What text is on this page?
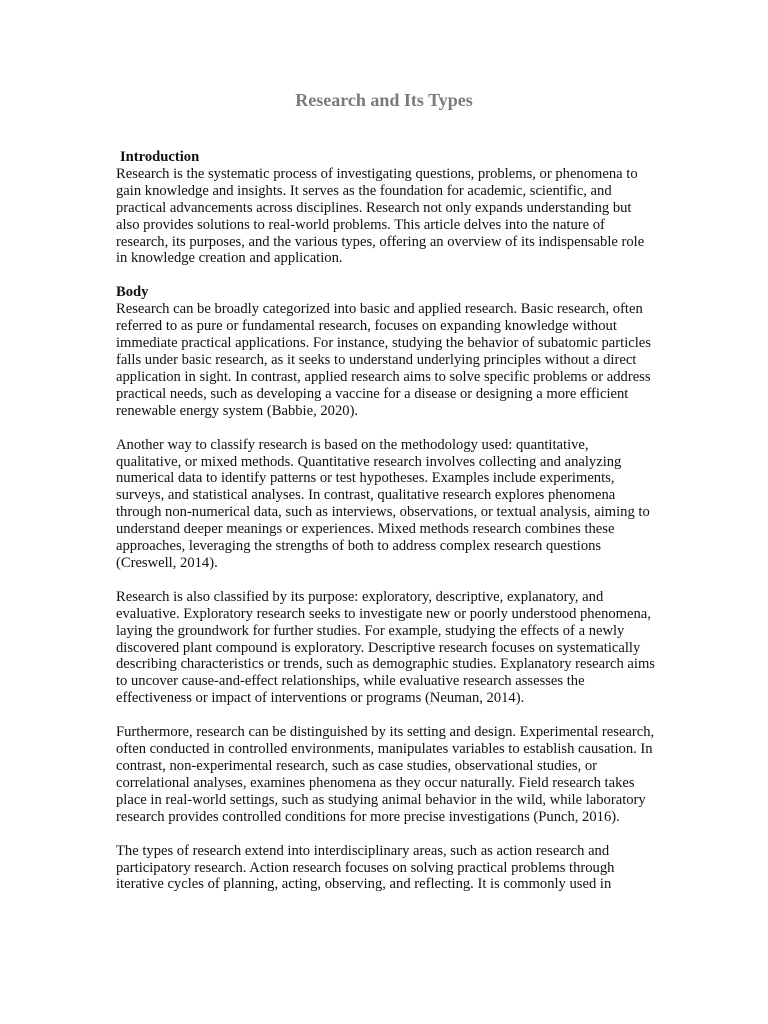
Research and Its Types

Introduction

Research is the systematic process of investigating questions, problems, or phenomena to gain knowledge and insights. It serves as the foundation for academic, scientific, and practical advancements across disciplines. Research not only expands understanding but also provides solutions to real-world problems. This article delves into the nature of research, its purposes, and the various types, offering an overview of its indispensable role in knowledge creation and application.

Body

Research can be broadly categorized into basic and applied research. Basic research, often referred to as pure or fundamental research, focuses on expanding knowledge without immediate practical applications. For instance, studying the behavior of subatomic particles falls under basic research, as it seeks to understand underlying principles without a direct application in sight. In contrast, applied research aims to solve specific problems or address practical needs, such as developing a vaccine for a disease or designing a more efficient renewable energy system (Babbie, 2020).

Another way to classify research is based on the methodology used: quantitative, qualitative, or mixed methods. Quantitative research involves collecting and analyzing numerical data to identify patterns or test hypotheses. Examples include experiments, surveys, and statistical analyses. In contrast, qualitative research explores phenomena through non-numerical data, such as interviews, observations, or textual analysis, aiming to understand deeper meanings or experiences. Mixed methods research combines these approaches, leveraging the strengths of both to address complex research questions (Creswell, 2014).

Research is also classified by its purpose: exploratory, descriptive, explanatory, and evaluative. Exploratory research seeks to investigate new or poorly understood phenomena, laying the groundwork for further studies. For example, studying the effects of a newly discovered plant compound is exploratory. Descriptive research focuses on systematically describing characteristics or trends, such as demographic studies. Explanatory research aims to uncover cause-and-effect relationships, while evaluative research assesses the effectiveness or impact of interventions or programs (Neuman, 2014).

Furthermore, research can be distinguished by its setting and design. Experimental research, often conducted in controlled environments, manipulates variables to establish causation. In contrast, non-experimental research, such as case studies, observational studies, or correlational analyses, examines phenomena as they occur naturally. Field research takes place in real-world settings, such as studying animal behavior in the wild, while laboratory research provides controlled conditions for more precise investigations (Punch, 2016).

The types of research extend into interdisciplinary areas, such as action research and participatory research. Action research focuses on solving practical problems through iterative cycles of planning, acting, observing, and reflecting. It is commonly used in
